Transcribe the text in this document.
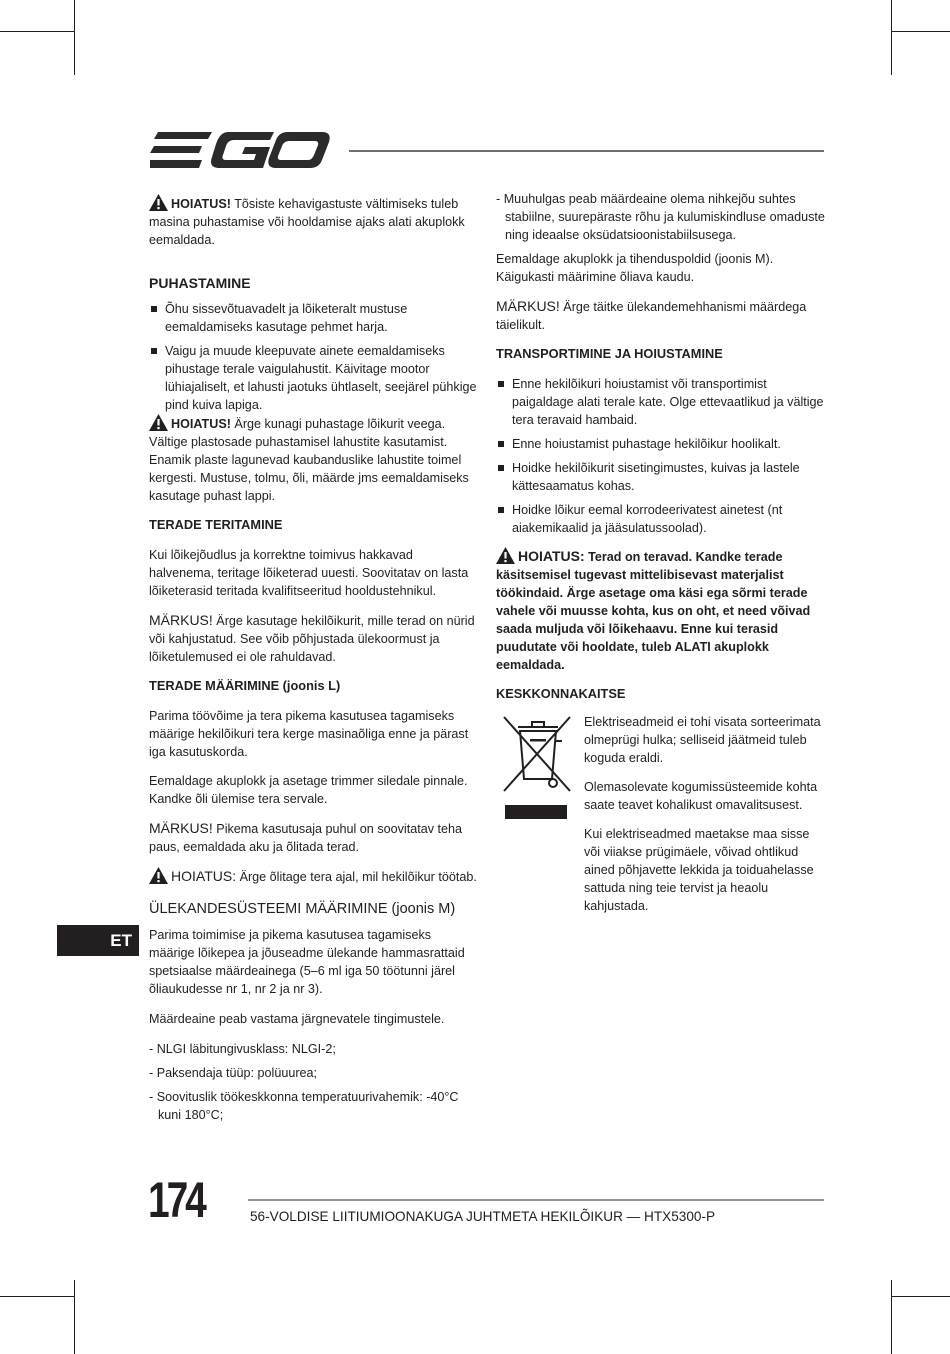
ET

HOIATUS! Tõsiste kehavigastuste vältimiseks tuleb masina puhastamise või hooldamise ajaks alati akuplokk eemaldada.

PUHASTAMINE
Õhu sissevõtuavadelt ja lõiketeralt mustuse eemaldamiseks kasutage pehmet harja.
Vaigu ja muude kleepuvate ainete eemaldamiseks pihustage terale vaigulahustit. Käivitage mootor lühiajaliselt, et lahusti jaotuks ühtlaselt, seejärel pühkige pind kuiva lapiga.

HOIATUS! Ärge kunagi puhastage lõikurit veega. Vältige plastosade puhastamisel lahustite kasutamist. Enamik plaste lagunevad kaubanduslike lahustite toimel kergesti. Mustuse, tolmu, õli, määrde jms eemaldamiseks kasutage puhast lappi.

TERADE TERITAMINE

Kui lõikejõudlus ja korrektne toimivus hakkavad halvenema, teritage lõiketerad uuesti. Soovitatav on lasta lõiketerasid teritada kvalifitseeritud hooldustehnikul.

MÄRKUS! Ärge kasutage hekilõikurit, mille terad on nürid või kahjustatud. See võib põhjustada ülekoormust ja lõiketulemused ei ole rahuldavad.

TERADE MÄÄRIMINE (joonis L)

Parima töövõime ja tera pikema kasutusea tagamiseks määrige hekilõikuri tera kerge masinaõliga enne ja pärast iga kasutuskorda.

Eemaldage akuplokk ja asetage trimmer siledale pinnale. Kandke õli ülemise tera servale.

MÄRKUS! Pikema kasutusaja puhul on soovitatav teha paus, eemaldada aku ja õlitada terad.

HOIATUS: Ärge õlitage tera ajal, mil hekilõikur töötab.

ÜLEKANDESÜSTEEMI MÄÄRIMINE (joonis M)

Parima toimimise ja pikema kasutusea tagamiseks määrige lõikepea ja jõuseadme ülekande hammasrattaid spetsiaalse määrdeainega (5–6 ml iga 50 töötunni järel õliaukudesse nr 1, nr 2 ja nr 3).

Määrdeaine peab vastama järgnevatele tingimustele.

- NLGI läbitungivusklass: NLGI-2;
- Paksendaja tüüp: polüuurea;
- Soovituslik töökeskkonna temperatuurivahemik: -40°C kuni 180°C;
- Muuhulgas peab määrdeaine olema nihkejõu suhtes stabiilne, suurepäraste rõhu ja kulumiskindluse omaduste ning ideaalse oksüdatsioonistabiilsusega.

Eemaldage akuplokk ja tihenduspoldid (joonis M). Käigukasti määrimine õliava kaudu.

MÄRKUS! Ärge täitke ülekandemehhanismi määrdega täielikult.

TRANSPORTIMINE JA HOIUSTAMINE
Enne hekilõikuri hoiustamist või transportimist paigaldage alati terale kate. Olge ettevaatlikud ja vältige tera teravaid hambaid.
Enne hoiustamist puhastage hekilõikur hoolikalt.
Hoidke hekilõikurit sisetingimustes, kuivas ja lastele kättesaamatus kohas.
Hoidke lõikur eemal korrodeerivatest ainetest (nt aiakemikaalid ja jääsulatussoolad).

HOIATUS: Terad on teravad. Kandke terade käsitsemisel tugevast mittelibisevast materjalist töökindaid. Ärge asetage oma käsi ega sõrmi terade vahele või muusse kohta, kus on oht, et need võivad saada muljuda või lõikehaavu. Enne kui terasid puudutate või hooldate, tuleb ALATI akuplokk eemaldada.

KESKKONNAKAITSE

Elektriseadmeid ei tohi visata sorteerimata olmeprügi hulka; selliseid jäätmeid tuleb koguda eraldi.

Olemasolevate kogumissüsteemide kohta saate teavet kohalikust omavalitsusest.

Kui elektriseadmed maetakse maa sisse või viiakse prügimäele, võivad ohtlikud ained põhjavette lekkida ja toiduahelasse sattuda ning teie tervist ja heaolu kahjustada.

174	56-VOLDISE LIITIUMIOONAKUGA JUHTMETA HEKILÕIKUR — HTX5300-P
